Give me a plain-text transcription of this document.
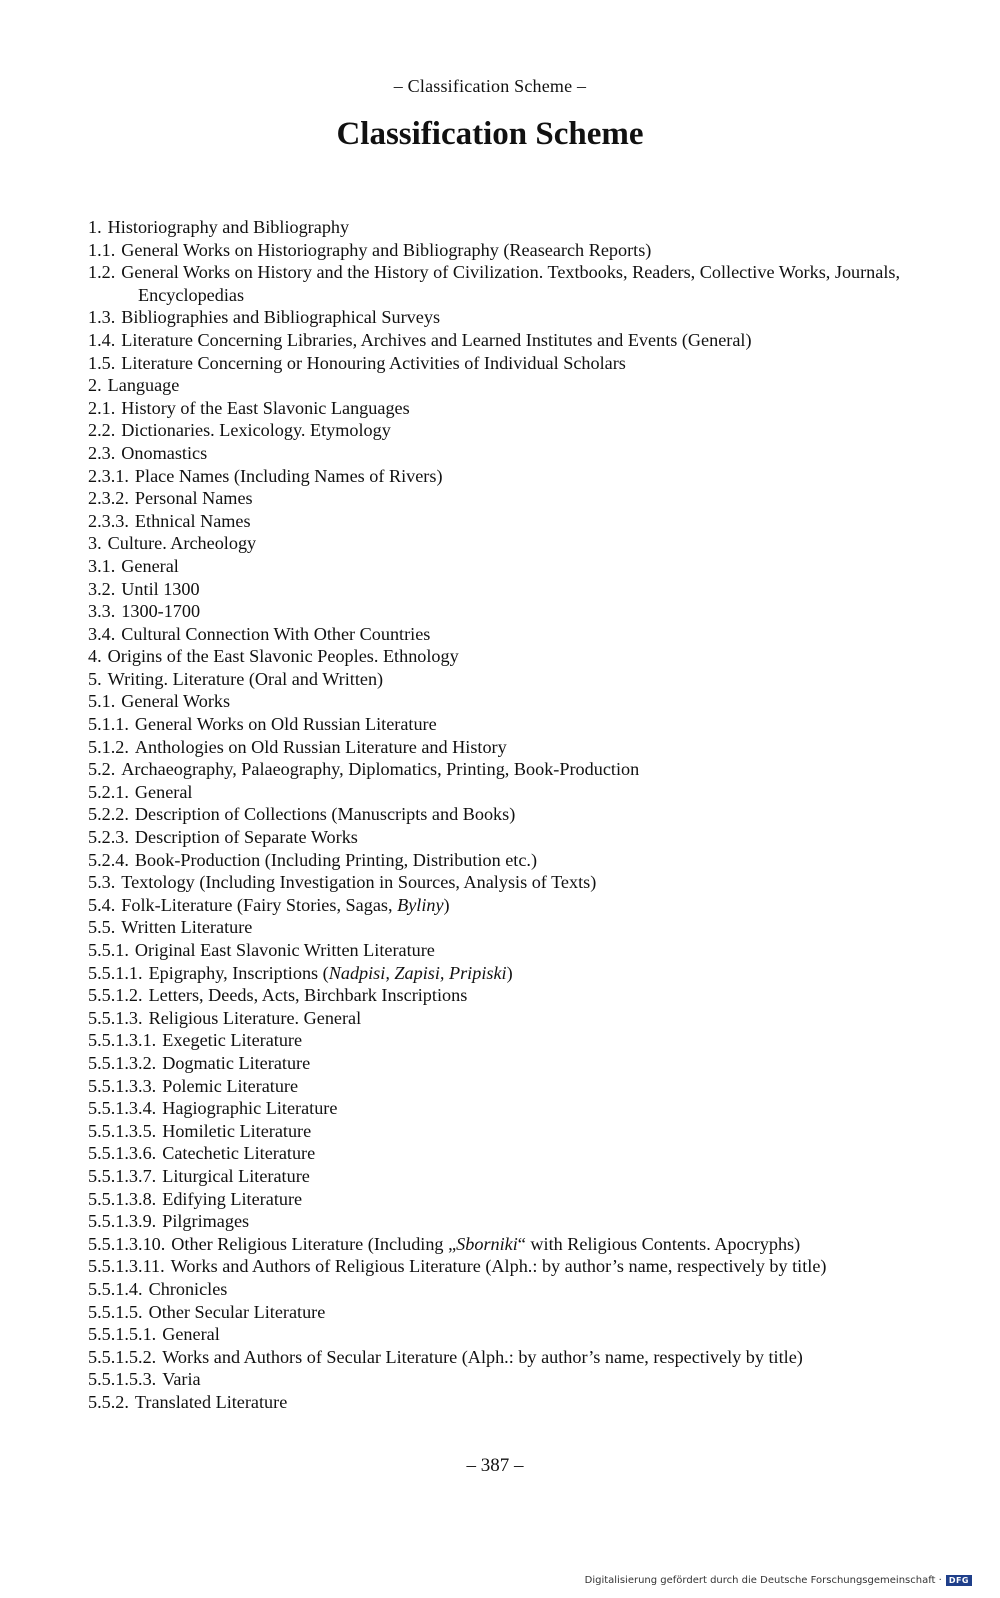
– Classification Scheme –
Classification Scheme
1. Historiography and Bibliography
1.1. General Works on Historiography and Bibliography (Reasearch Reports)
1.2. General Works on History and the History of Civilization. Textbooks, Readers, Collective Works, Journals, Encyclopedias
1.3. Bibliographies and Bibliographical Surveys
1.4. Literature Concerning Libraries, Archives and Learned Institutes and Events (General)
1.5. Literature Concerning or Honouring Activities of Individual Scholars
2. Language
2.1. History of the East Slavonic Languages
2.2. Dictionaries. Lexicology. Etymology
2.3. Onomastics
2.3.1. Place Names (Including Names of Rivers)
2.3.2. Personal Names
2.3.3. Ethnical Names
3. Culture. Archeology
3.1. General
3.2. Until 1300
3.3. 1300-1700
3.4. Cultural Connection With Other Countries
4. Origins of the East Slavonic Peoples. Ethnology
5. Writing. Literature (Oral and Written)
5.1. General Works
5.1.1. General Works on Old Russian Literature
5.1.2. Anthologies on Old Russian Literature and History
5.2. Archaeography, Palaeography, Diplomatics, Printing, Book-Production
5.2.1. General
5.2.2. Description of Collections (Manuscripts and Books)
5.2.3. Description of Separate Works
5.2.4. Book-Production (Including Printing, Distribution etc.)
5.3. Textology (Including Investigation in Sources, Analysis of Texts)
5.4. Folk-Literature (Fairy Stories, Sagas, Byliny)
5.5. Written Literature
5.5.1. Original East Slavonic Written Literature
5.5.1.1. Epigraphy, Inscriptions (Nadpisi, Zapisi, Pripiski)
5.5.1.2. Letters, Deeds, Acts, Birchbark Inscriptions
5.5.1.3. Religious Literature. General
5.5.1.3.1. Exegetic Literature
5.5.1.3.2. Dogmatic Literature
5.5.1.3.3. Polemic Literature
5.5.1.3.4. Hagiographic Literature
5.5.1.3.5. Homiletic Literature
5.5.1.3.6. Catechetic Literature
5.5.1.3.7. Liturgical Literature
5.5.1.3.8. Edifying Literature
5.5.1.3.9. Pilgrimages
5.5.1.3.10. Other Religious Literature (Including „Sborniki“ with Religious Contents. Apocryphs)
5.5.1.3.11. Works and Authors of Religious Literature (Alph.: by author’s name, respectively by title)
5.5.1.4. Chronicles
5.5.1.5. Other Secular Literature
5.5.1.5.1. General
5.5.1.5.2. Works and Authors of Secular Literature (Alph.: by author’s name, respectively by title)
5.5.1.5.3. Varia
5.5.2. Translated Literature
– 387 –
Digitalisierung gefördert durch die Deutsche Forschungsgemeinschaft · DFG
